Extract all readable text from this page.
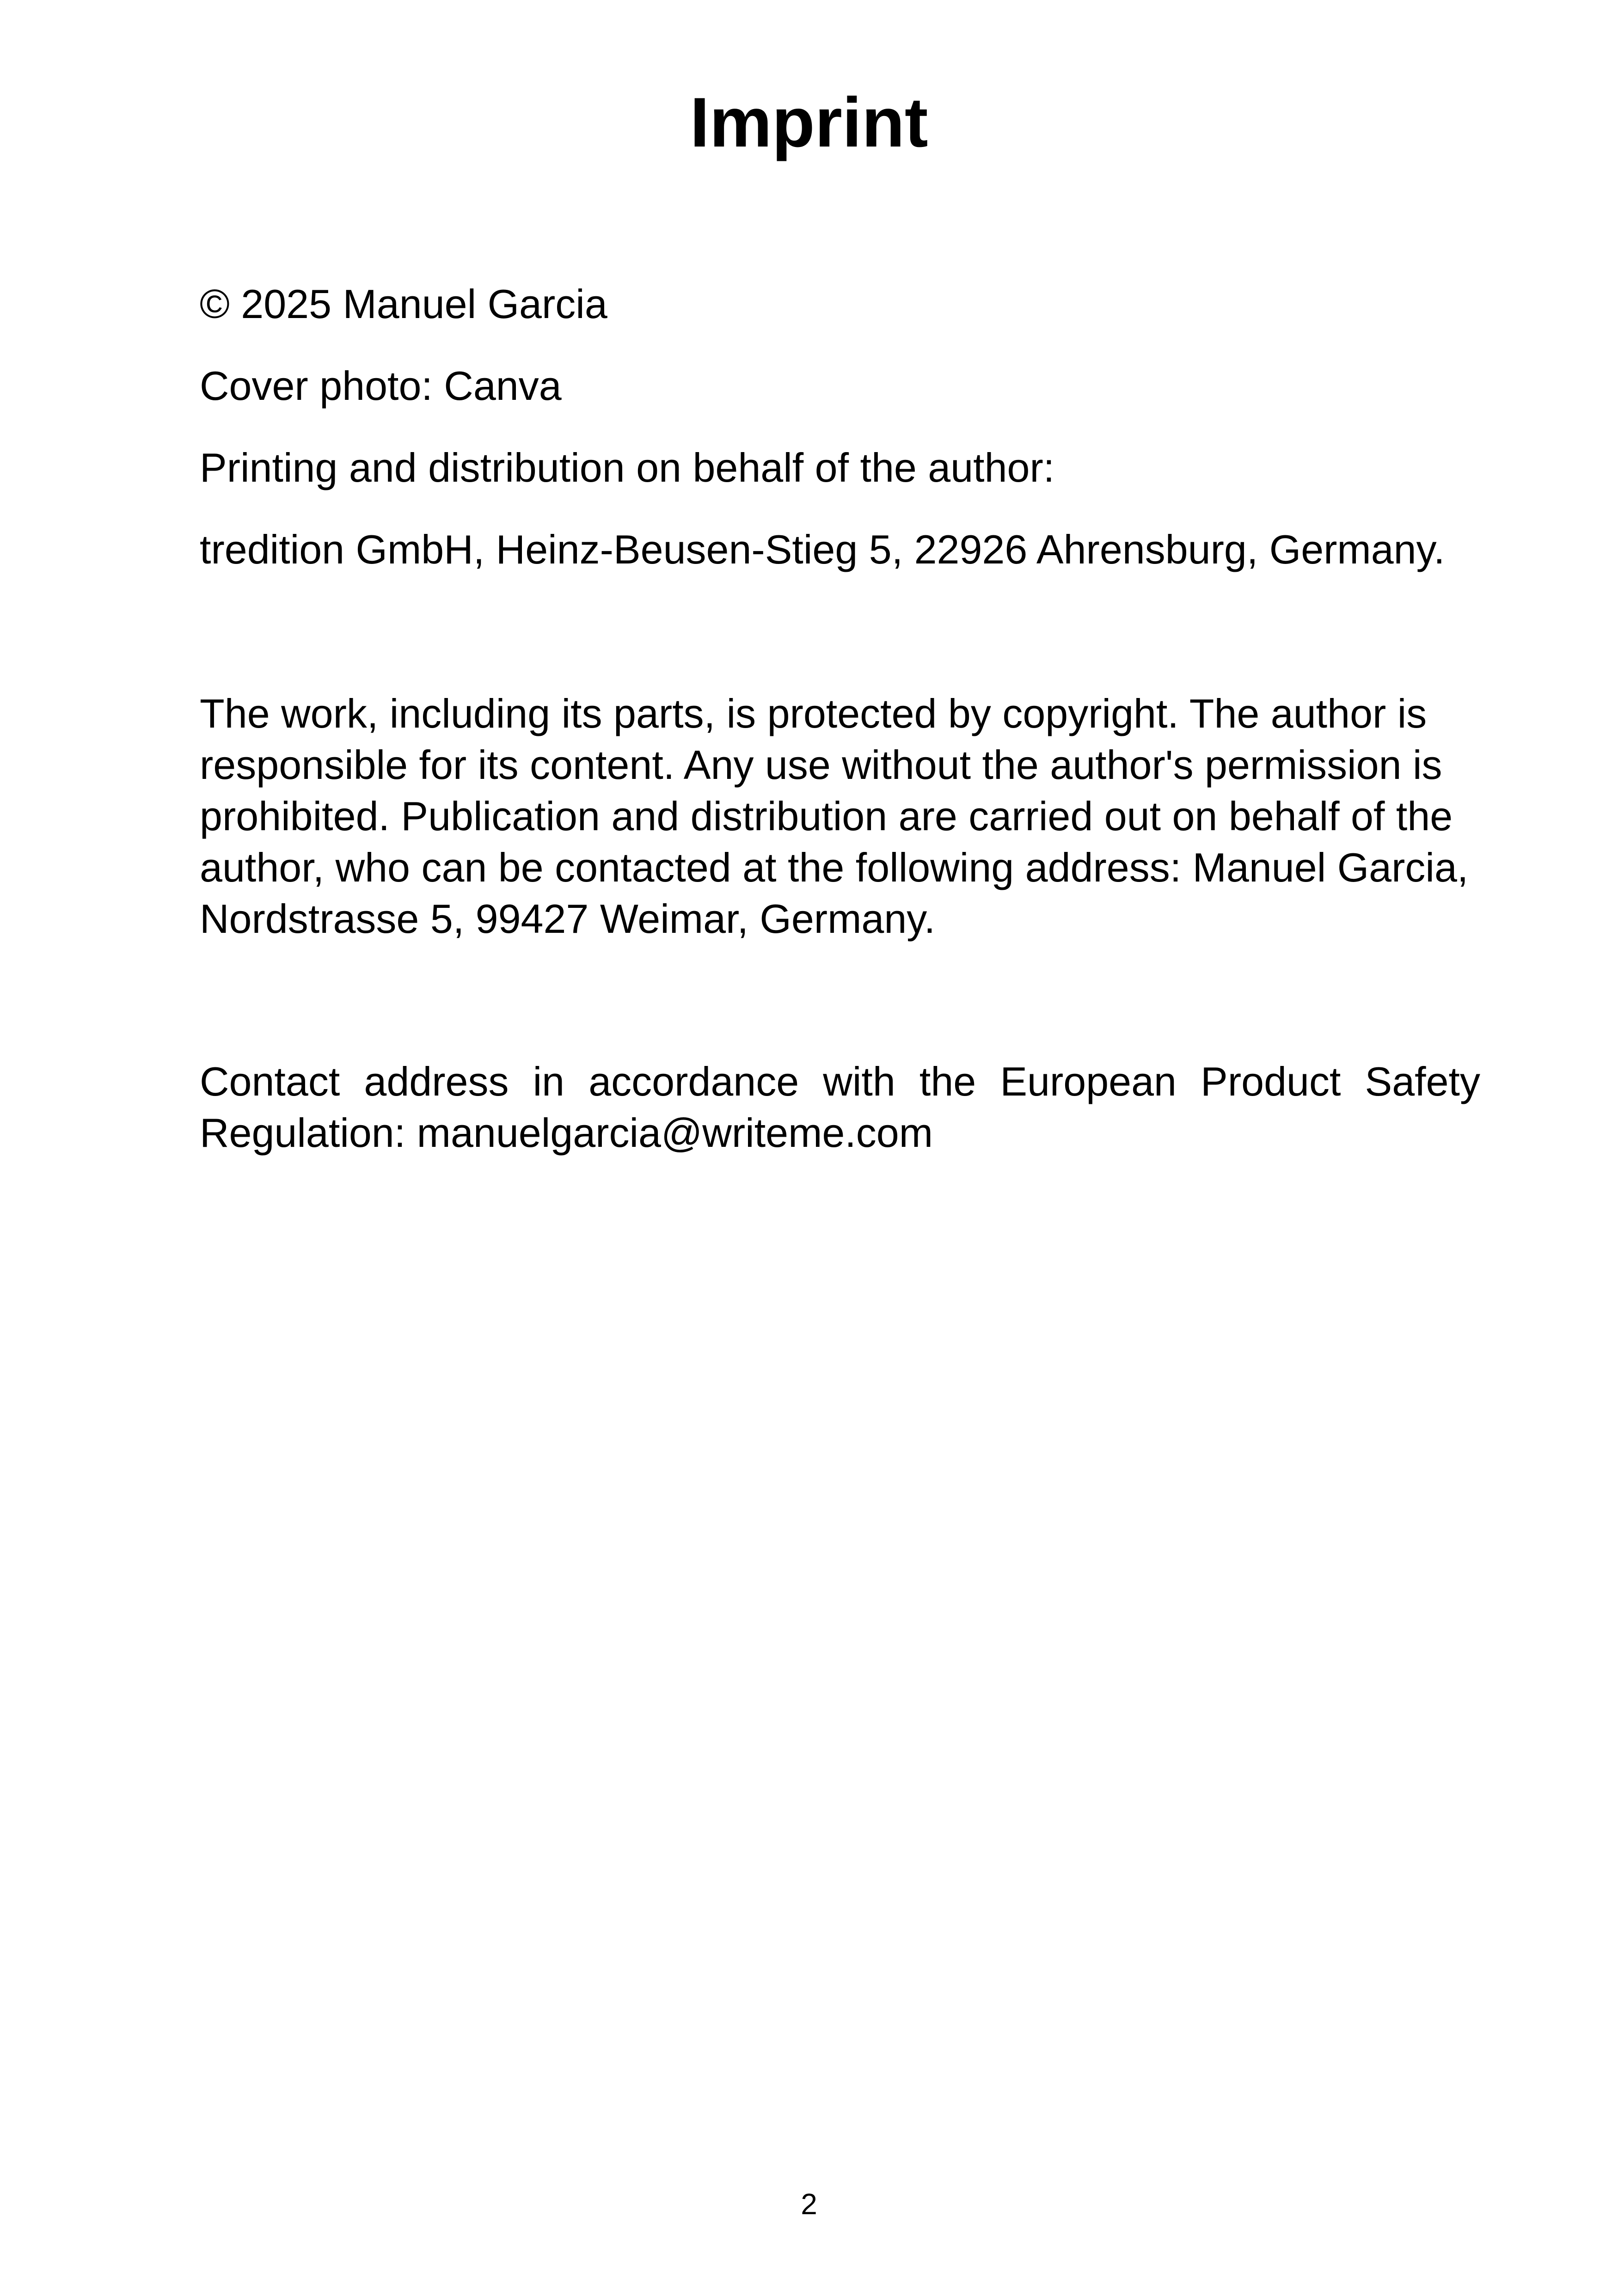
Imprint

© 2025 Manuel Garcia

Cover photo: Canva

Printing and distribution on behalf of the author:

tredition GmbH, Heinz-Beusen-Stieg 5, 22926 Ahrensburg, Germany.

The work, including its parts, is protected by copyright. The author is
responsible for its content. Any use without the author's permission is
prohibited. Publication and distribution are carried out on behalf of the
author, who can be contacted at the following address: Manuel Garcia,
Nordstrasse 5, 99427 Weimar, Germany.
Contact address in accordance with the European Product Safety
Regulation: manuelgarcia@writeme.com

2
